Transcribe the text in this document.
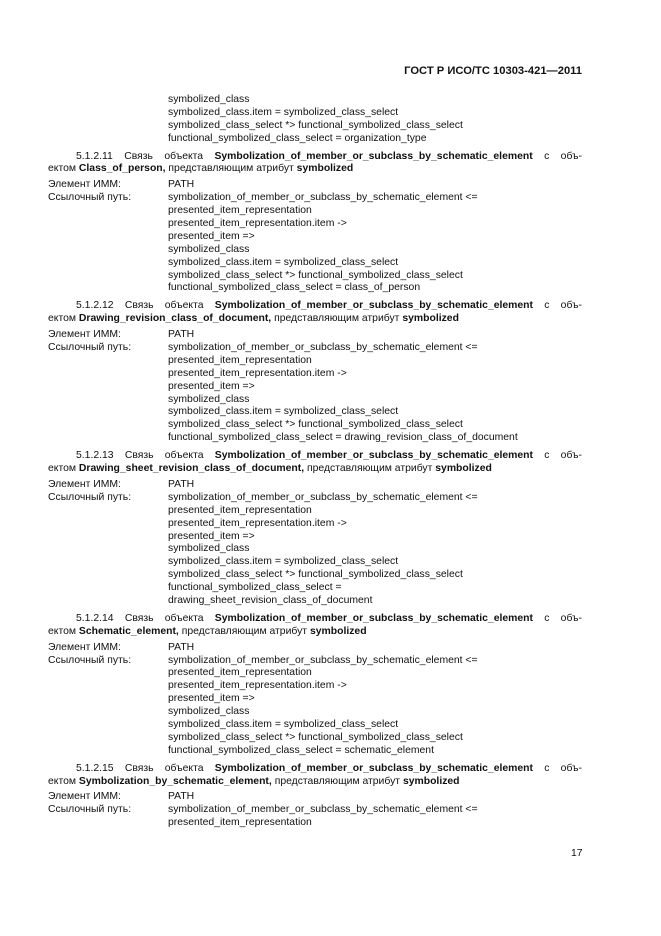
ГОСТ Р ИСО/ТС 10303-421—2011
symbolized_class
symbolized_class.item = symbolized_class_select
symbolized_class_select *> functional_symbolized_class_select
functional_symbolized_class_select = organization_type
5.1.2.11 Связь объекта Symbolization_of_member_or_subclass_by_schematic_element с объ-
ектом Class_of_person, представляющим атрибут symbolized
Элемент ИММ:	PATH
Ссылочный путь:	symbolization_of_member_or_subclass_by_schematic_element <=
presented_item_representation
presented_item_representation.item ->
presented_item =>
symbolized_class
symbolized_class.item = symbolized_class_select
symbolized_class_select *> functional_symbolized_class_select
functional_symbolized_class_select = class_of_person
5.1.2.12 Связь объекта Symbolization_of_member_or_subclass_by_schematic_element с объ-
ектом Drawing_revision_class_of_document, представляющим атрибут symbolized
Элемент ИММ:	PATH
Ссылочный путь:	symbolization_of_member_or_subclass_by_schematic_element <=
presented_item_representation
presented_item_representation.item ->
presented_item =>
symbolized_class
symbolized_class.item = symbolized_class_select
symbolized_class_select *> functional_symbolized_class_select
functional_symbolized_class_select = drawing_revision_class_of_document
5.1.2.13 Связь объекта Symbolization_of_member_or_subclass_by_schematic_element с объ-
ектом Drawing_sheet_revision_class_of_document, представляющим атрибут symbolized
Элемент ИММ:	PATH
Ссылочный путь:	symbolization_of_member_or_subclass_by_schematic_element <=
presented_item_representation
presented_item_representation.item ->
presented_item =>
symbolized_class
symbolized_class.item = symbolized_class_select
symbolized_class_select *> functional_symbolized_class_select
functional_symbolized_class_select =
drawing_sheet_revision_class_of_document
5.1.2.14 Связь объекта Symbolization_of_member_or_subclass_by_schematic_element с объ-
ектом Schematic_element, представляющим атрибут symbolized
Элемент ИММ:	PATH
Ссылочный путь:	symbolization_of_member_or_subclass_by_schematic_element <=
presented_item_representation
presented_item_representation.item ->
presented_item =>
symbolized_class
symbolized_class.item = symbolized_class_select
symbolized_class_select *> functional_symbolized_class_select
functional_symbolized_class_select = schematic_element
5.1.2.15 Связь объекта Symbolization_of_member_or_subclass_by_schematic_element с объ-
ектом Symbolization_by_schematic_element, представляющим атрибут symbolized
Элемент ИММ:	PATH
Ссылочный путь:	symbolization_of_member_or_subclass_by_schematic_element <=
presented_item_representation
17
